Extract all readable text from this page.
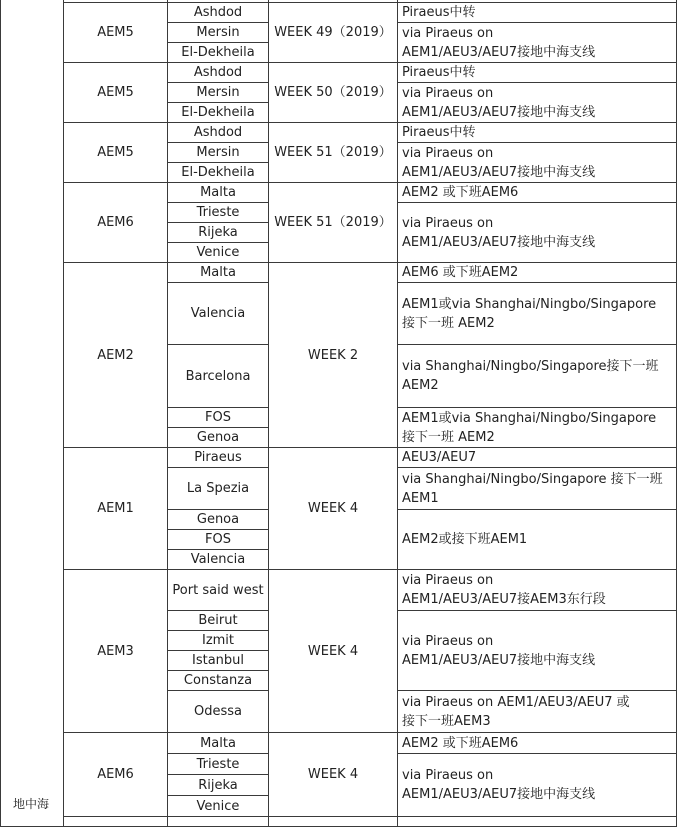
地中海				
	AEM5	Ashdod	WEEK 49（2019）	Piraeus中转
		Mersin		via Piraeus on
AEM1/AEU3/AEU7接地中海支线

		El-Dekheila		
	AEM5	Ashdod	WEEK 50（2019）	Piraeus中转
		Mersin		via Piraeus on
AEM1/AEU3/AEU7接地中海支线

		El-Dekheila		
	AEM5	Ashdod	WEEK 51（2019）	Piraeus中转
		Mersin		via Piraeus on
AEM1/AEU3/AEU7接地中海支线

		El-Dekheila		
	AEM6	Malta	WEEK 51（2019）	AEM2 或下班AEM6
		Trieste		via Piraeus on
AEM1/AEU3/AEU7接地中海支线

		Rijeka		
		Venice		
	AEM2	Malta	WEEK 2	AEM6 或下班AEM2
		Valencia		AEM1或via Shanghai/Ningbo/Singapore
接下一班 AEM2

		Barcelona		via Shanghai/Ningbo/Singapore接下一班
AEM2

		FOS		AEM1或via Shanghai/Ningbo/Singapore
接下一班 AEM2

		Genoa		
	AEM1	Piraeus	WEEK 4	AEU3/AEU7
		La Spezia		via Shanghai/Ningbo/Singapore 接下一班
AEM1

		Genoa		AEM2或接下班AEM1
		FOS		
		Valencia		
	AEM3	Port said west	WEEK 4	via Piraeus on
AEM1/AEU3/AEU7接AEM3东行段

		Beirut		via Piraeus on
AEM1/AEU3/AEU7接地中海支线

		Izmit		
		Istanbul		
		Constanza		
		Odessa		via Piraeus on AEM1/AEU3/AEU7 或
接下一班AEM3

	AEM6	Malta	WEEK 4	AEM2 或下班AEM6
		Trieste		via Piraeus on
AEM1/AEU3/AEU7接地中海支线

		Rijeka		
		Venice		
